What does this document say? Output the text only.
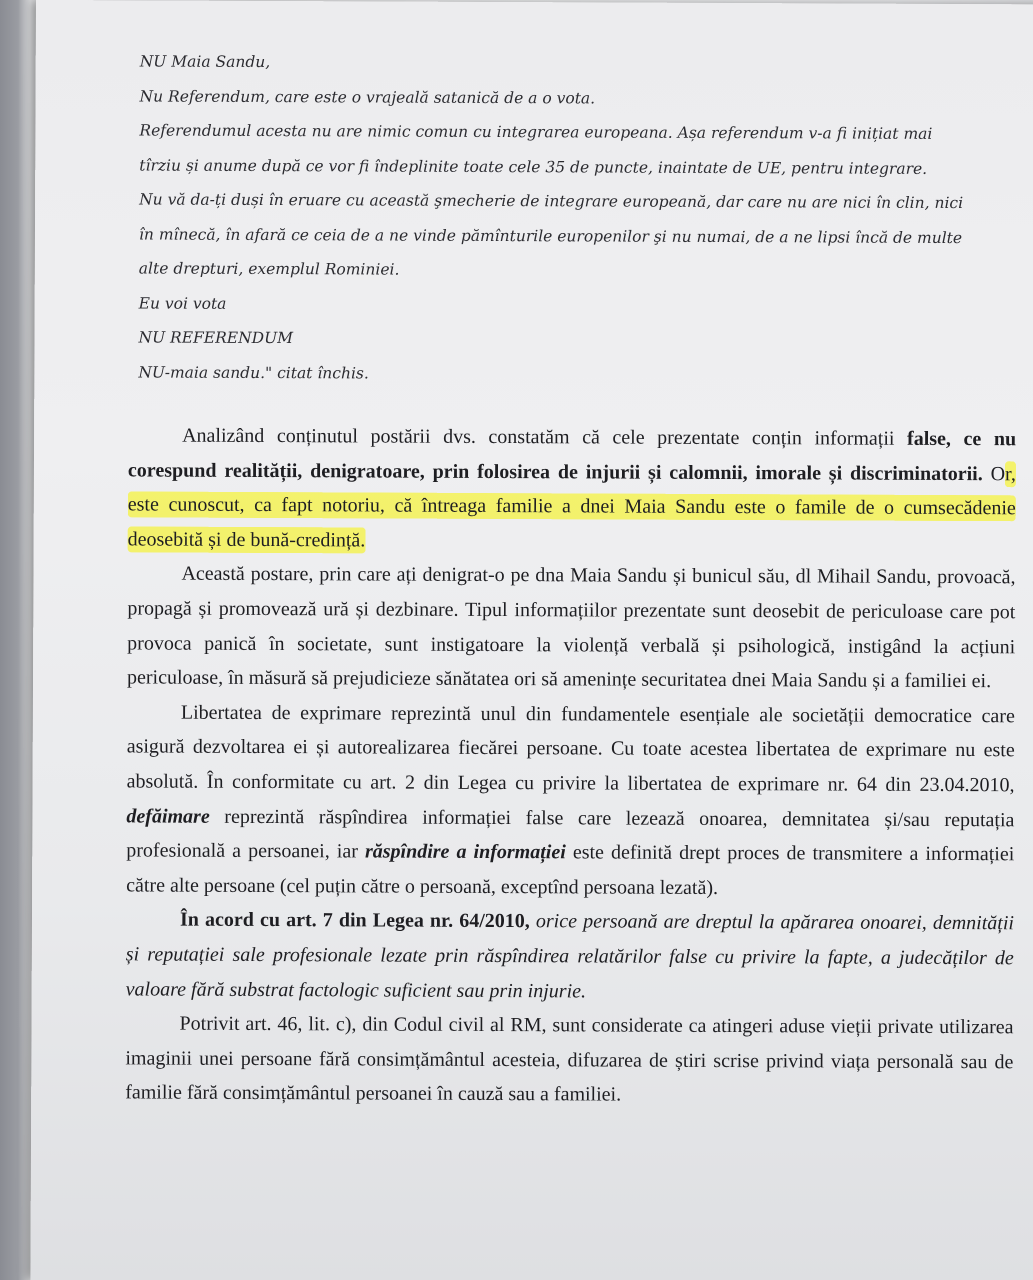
NU Maia Sandu,

Nu Referendum, care este o vrajeală satanică de a o vota.

Referendumul acesta nu are nimic comun cu integrarea europeana. Așa referendum v-a fi inițiat mai

tîrziu și anume după ce vor fi îndeplinite toate cele 35 de puncte, inaintate de UE, pentru integrare.

Nu vă da-ți duși în eruare cu această şmecherie de integrare europeană, dar care nu are nici în clin, nici

în mînecă, în afară ce ceia de a ne vinde pămînturile europenilor şi nu numai, de a ne lipsi încă de multe

alte drepturi, exemplul Rominiei.

Eu voi vota

NU REFERENDUM

NU-maia sandu." citat închis.

Analizând conținutul postării dvs. constatăm că cele prezentate conțin informații false, ce nu corespund realității, denigratoare, prin folosirea de injurii și calomnii, imorale și discriminatorii. Or, este cunoscut, ca fapt notoriu, că întreaga familie a dnei Maia Sandu este o famile de o cumsecădenie deosebită și de bună-credință.

Această postare, prin care ați denigrat-o pe dna Maia Sandu și bunicul său, dl Mihail Sandu, provoacă, propagă și promovează ură și dezbinare. Tipul informațiilor prezentate sunt deosebit de periculoase care pot provoca panică în societate, sunt instigatoare la violență verbală și psihologică, instigând la acțiuni periculoase, în măsură să prejudicieze sănătatea ori să amenințe securitatea dnei Maia Sandu și a familiei ei.

Libertatea de exprimare reprezintă unul din fundamentele esențiale ale societății democratice care asigură dezvoltarea ei și autorealizarea fiecărei persoane. Cu toate acestea libertatea de exprimare nu este absolută. În conformitate cu art. 2 din Legea cu privire la libertatea de exprimare nr. 64 din 23.04.2010, defăimare reprezintă răspîndirea informației false care lezează onoarea, demnitatea și/sau reputația profesională a persoanei, iar răspîndire a informației este definită drept proces de transmitere a informației către alte persoane (cel puțin către o persoană, exceptînd persoana lezată).

În acord cu art. 7 din Legea nr. 64/2010, orice persoană are dreptul la apărarea onoarei, demnității și reputației sale profesionale lezate prin răspîndirea relatărilor false cu privire la fapte, a judecăților de valoare fără substrat factologic suficient sau prin injurie.

Potrivit art. 46, lit. c), din Codul civil al RM, sunt considerate ca atingeri aduse vieții private utilizarea imaginii unei persoane fără consimțământul acesteia, difuzarea de știri scrise privind viața personală sau de familie fără consimțământul persoanei în cauză sau a familiei.
